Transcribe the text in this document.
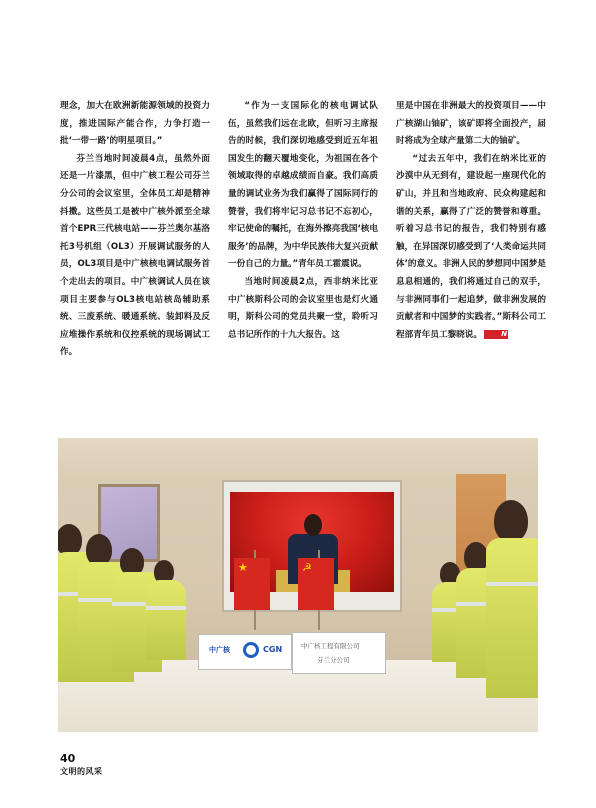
理念，加大在欧洲新能源领域的投资力度，推进国际产能合作，力争打造一批‘一带一路’的明星项目。”

芬兰当地时间凌晨4点，虽然外面还是一片漆黑，但中广核工程公司芬兰分公司的会议室里，全体员工却是精神抖擞。这些员工是被中广核外派至全球首个EPR三代核电站——芬兰奥尔基洛托3号机组（OL3）开展调试服务的人员，OL3项目是中广核核电调试服务首个走出去的项目。中广核调试人员在该项目主要参与OL3核电站核岛辅助系统、三废系统、暖通系统、装卸料及反应堆操作系统和仪控系统的现场调试工作。

“作为一支国际化的核电调试队伍，虽然我们远在北欧，但听习主席报告的时候，我们深切地感受到近五年祖国发生的翻天覆地变化，为祖国在各个领域取得的卓越成绩而自豪。我们高质量的调试业务为我们赢得了国际同行的赞誉，我们将牢记习总书记不忘初心，牢记使命的嘱托，在海外擦亮我国‘核电服务’的品牌，为中华民族伟大复兴贡献一份自己的力量。”青年员工霍震说。

当地时间凌晨2点，西非纳米比亚中广核斯科公司的会议室里也是灯火通明，斯科公司的党员共聚一堂，聆听习总书记所作的十九大报告。这

里是中国在非洲最大的投资项目——中广核湖山铀矿，该矿即将全面投产，届时将成为全球产量第二大的铀矿。

“过去五年中，我们在纳米比亚的沙漠中从无到有，建设起一座现代化的矿山，并且和当地政府、民众构建起和谐的关系，赢得了广泛的赞誉和尊重。听着习总书记的报告，我们特别有感触，在异国深切感受到了‘人类命运共同体’的意义。非洲人民的梦想同中国梦是息息相通的，我们将通过自己的双手，与非洲同事们一起追梦，做非洲发展的贡献者和中国梦的实践者。”斯科公司工程部青年员工黎晓说。	N

★	☭
中广核	CGN	中广核工程有限公司
芬兰分公司
40
文明的风采
